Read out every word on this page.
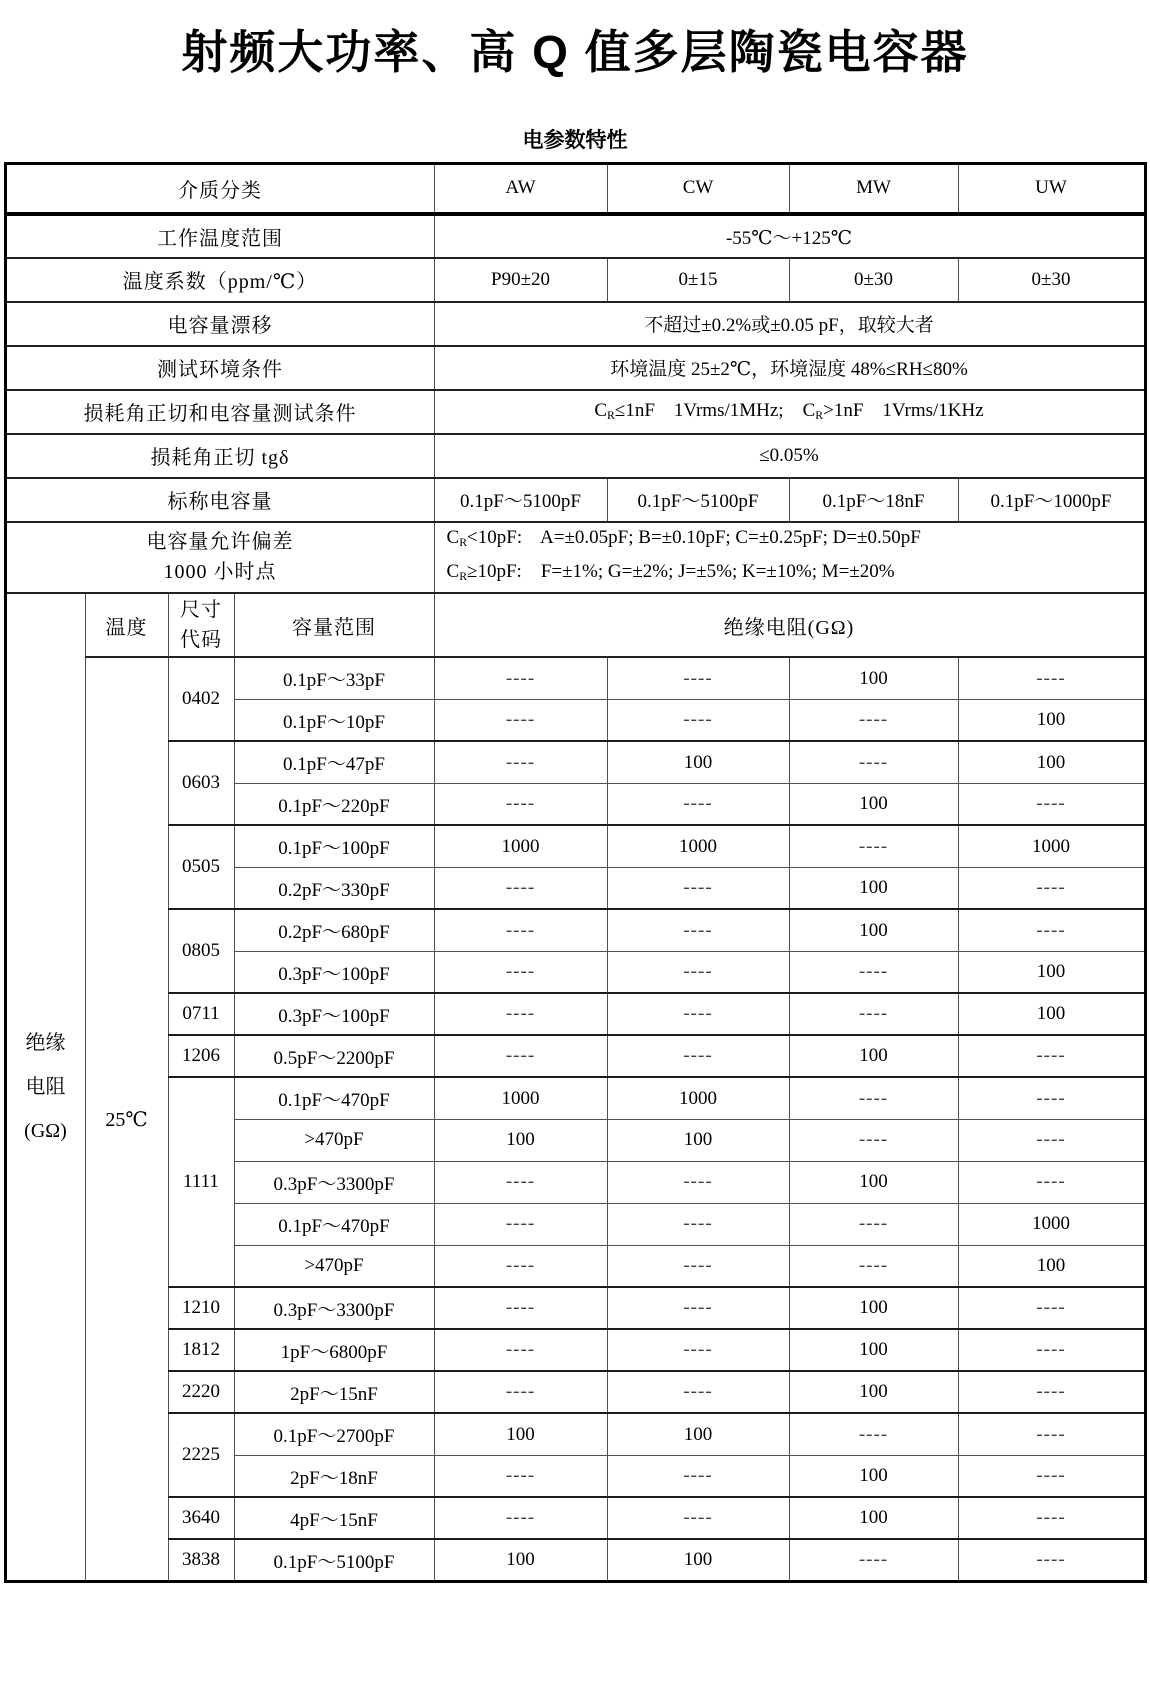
射频大功率、高 Q 值多层陶瓷电容器
电参数特性
介质分类				AW	CW	MW	UW
工作温度范围				-55℃～+125℃			
温度系数（ppm/℃）				P90±20	0±15	0±30	0±30
电容量漂移				不超过±0.2%或±0.05 pF，取较大者			
测试环境条件				环境温度 25±2℃，环境湿度 48%≤RH≤80%			
损耗角正切和电容量测试条件				$C_R\le 1nF$    1Vrms/1MHz;    $C_R>1nF$    1Vrms/1KHz			
损耗角正切 tgδ				≤0.05%			
标称电容量				0.1pF～5100pF	0.1pF～5100pF	0.1pF～18nF	0.1pF～1000pF

电容量允许偏差
1000 小时点

$C_R<10pF$:    A=±0.05pF; B=±0.10pF; C=±0.25pF; D=±0.50pF
$C_R\ge 10pF$:    F=±1%; G=±2%; J=±5%; K=±10%; M=±20%

绝缘
电阻
(GΩ)
	温度	
尺寸
代码
	容量范围	绝缘电阻(GΩ)
	25℃	0402	0.1pF～33pF	----	----	100	----
			0.1pF～10pF	----	----	----	100
		0603	0.1pF～47pF	----	100	----	100
			0.1pF～220pF	----	----	100	----
		0505	0.1pF～100pF	1000	1000	----	1000
			0.2pF～330pF	----	----	100	----
		0805	0.2pF～680pF	----	----	100	----
			0.3pF～100pF	----	----	----	100
		0711	0.3pF～100pF	----	----	----	100
		1206	0.5pF～2200pF	----	----	100	----
		1111	0.1pF～470pF	1000	1000	----	----
			>470pF	100	100	----	----
			0.3pF～3300pF	----	----	100	----
			0.1pF～470pF	----	----	----	1000
			>470pF	----	----	----	100
		1210	0.3pF～3300pF	----	----	100	----
		1812	1pF～6800pF	----	----	100	----
		2220	2pF～15nF	----	----	100	----
		2225	0.1pF～2700pF	100	100	----	----
			2pF～18nF	----	----	100	----
		3640	4pF～15nF	----	----	100	----
		3838	0.1pF～5100pF	100	100	----	----
